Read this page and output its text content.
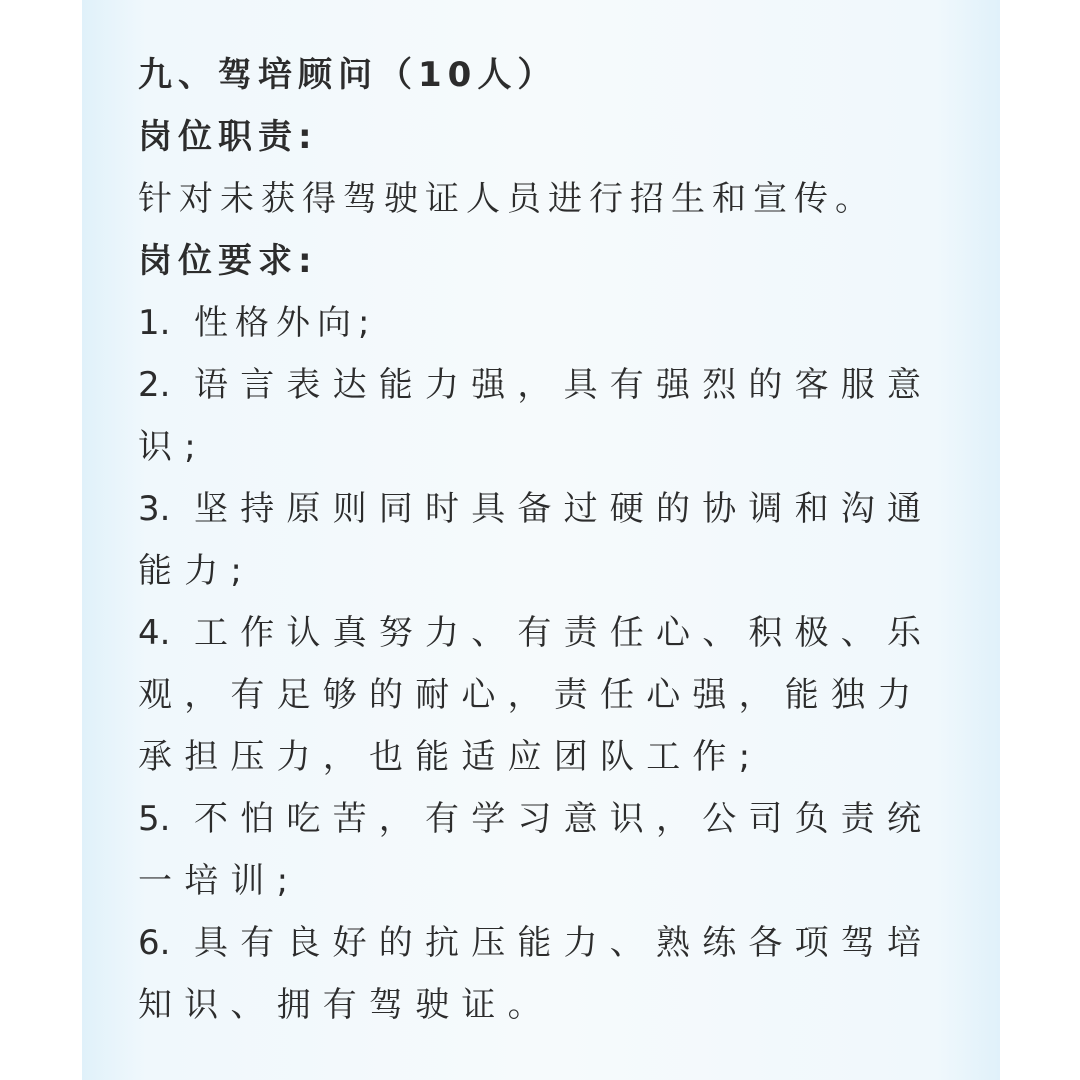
九、驾培顾问（10人）
岗位职责:
针对未获得驾驶证人员进行招生和宣传。
岗位要求:
1. 性格外向;
2. 语言表达能力强，具有强烈的客服意识;
3. 坚持原则同时具备过硬的协调和沟通能力;
4. 工作认真努力、有责任心、积极、乐观，有足够的耐心，责任心强，能独力承担压力，也能适应团队工作;
5. 不怕吃苦，有学习意识，公司负责统一培训;
6. 具有良好的抗压能力、熟练各项驾培知识、拥有驾驶证。
